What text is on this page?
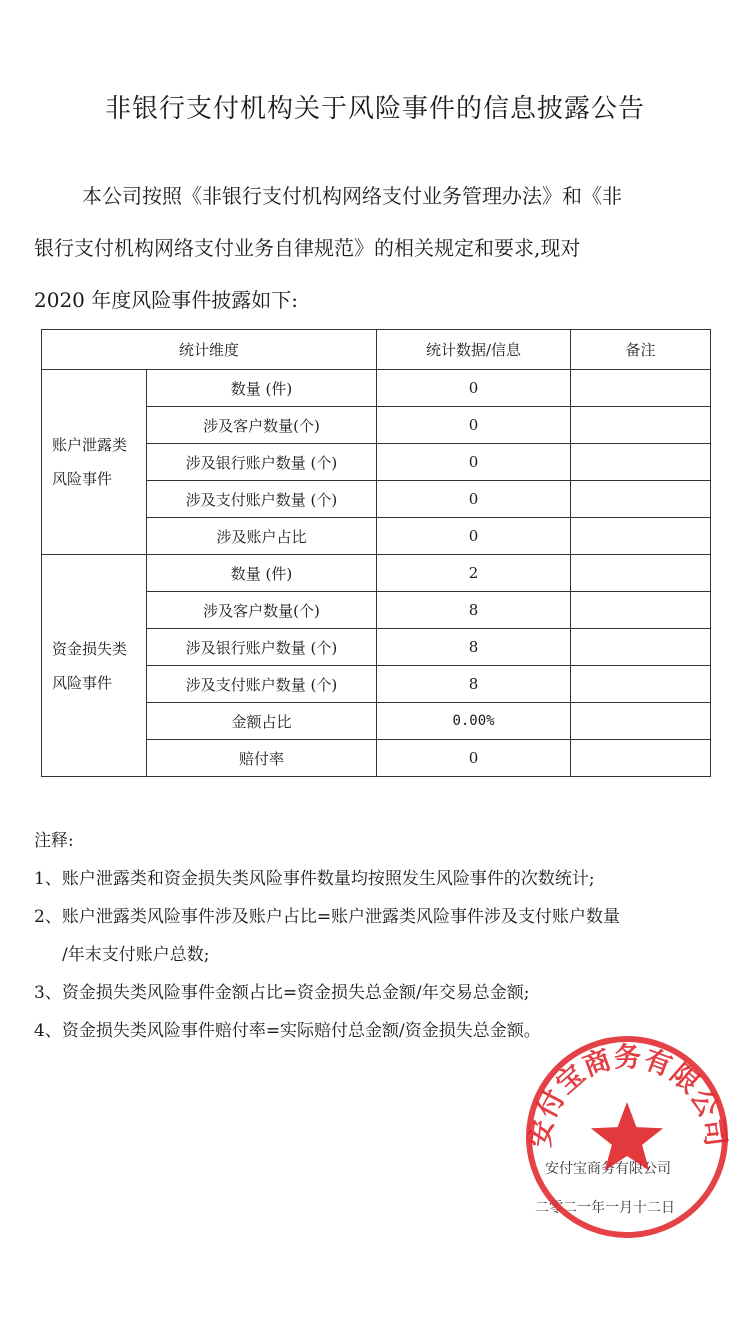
非银行支付机构关于风险事件的信息披露公告
本公司按照《非银行支付机构网络支付业务管理办法》和《非
银行支付机构网络支付业务自律规范》的相关规定和要求,现对
2020 年度风险事件披露如下:
统计维度		统计数据/信息	备注

账户泄露类
风险事件	数量 (件)	0	
	涉及客户数量(个)	0	
	涉及银行账户数量 (个)	0	
	涉及支付账户数量 (个)	0	
	涉及账户占比	0	

资金损失类
风险事件	数量 (件)	2	
	涉及客户数量(个)	8	
	涉及银行账户数量 (个)	8	
	涉及支付账户数量 (个)	8	
	金额占比	0.00%	
	赔付率	0	
注释:
1、账户泄露类和资金损失类风险事件数量均按照发生风险事件的次数统计;
2、账户泄露类风险事件涉及账户占比=账户泄露类风险事件涉及支付账户数量
/年末支付账户总数;
3、资金损失类风险事件金额占比=资金损失总金额/年交易总金额;
4、资金损失类风险事件赔付率=实际赔付总金额/资金损失总金额。
安付宝商务有限公司
二零二一年一月十二日
安付宝商务有限公司
